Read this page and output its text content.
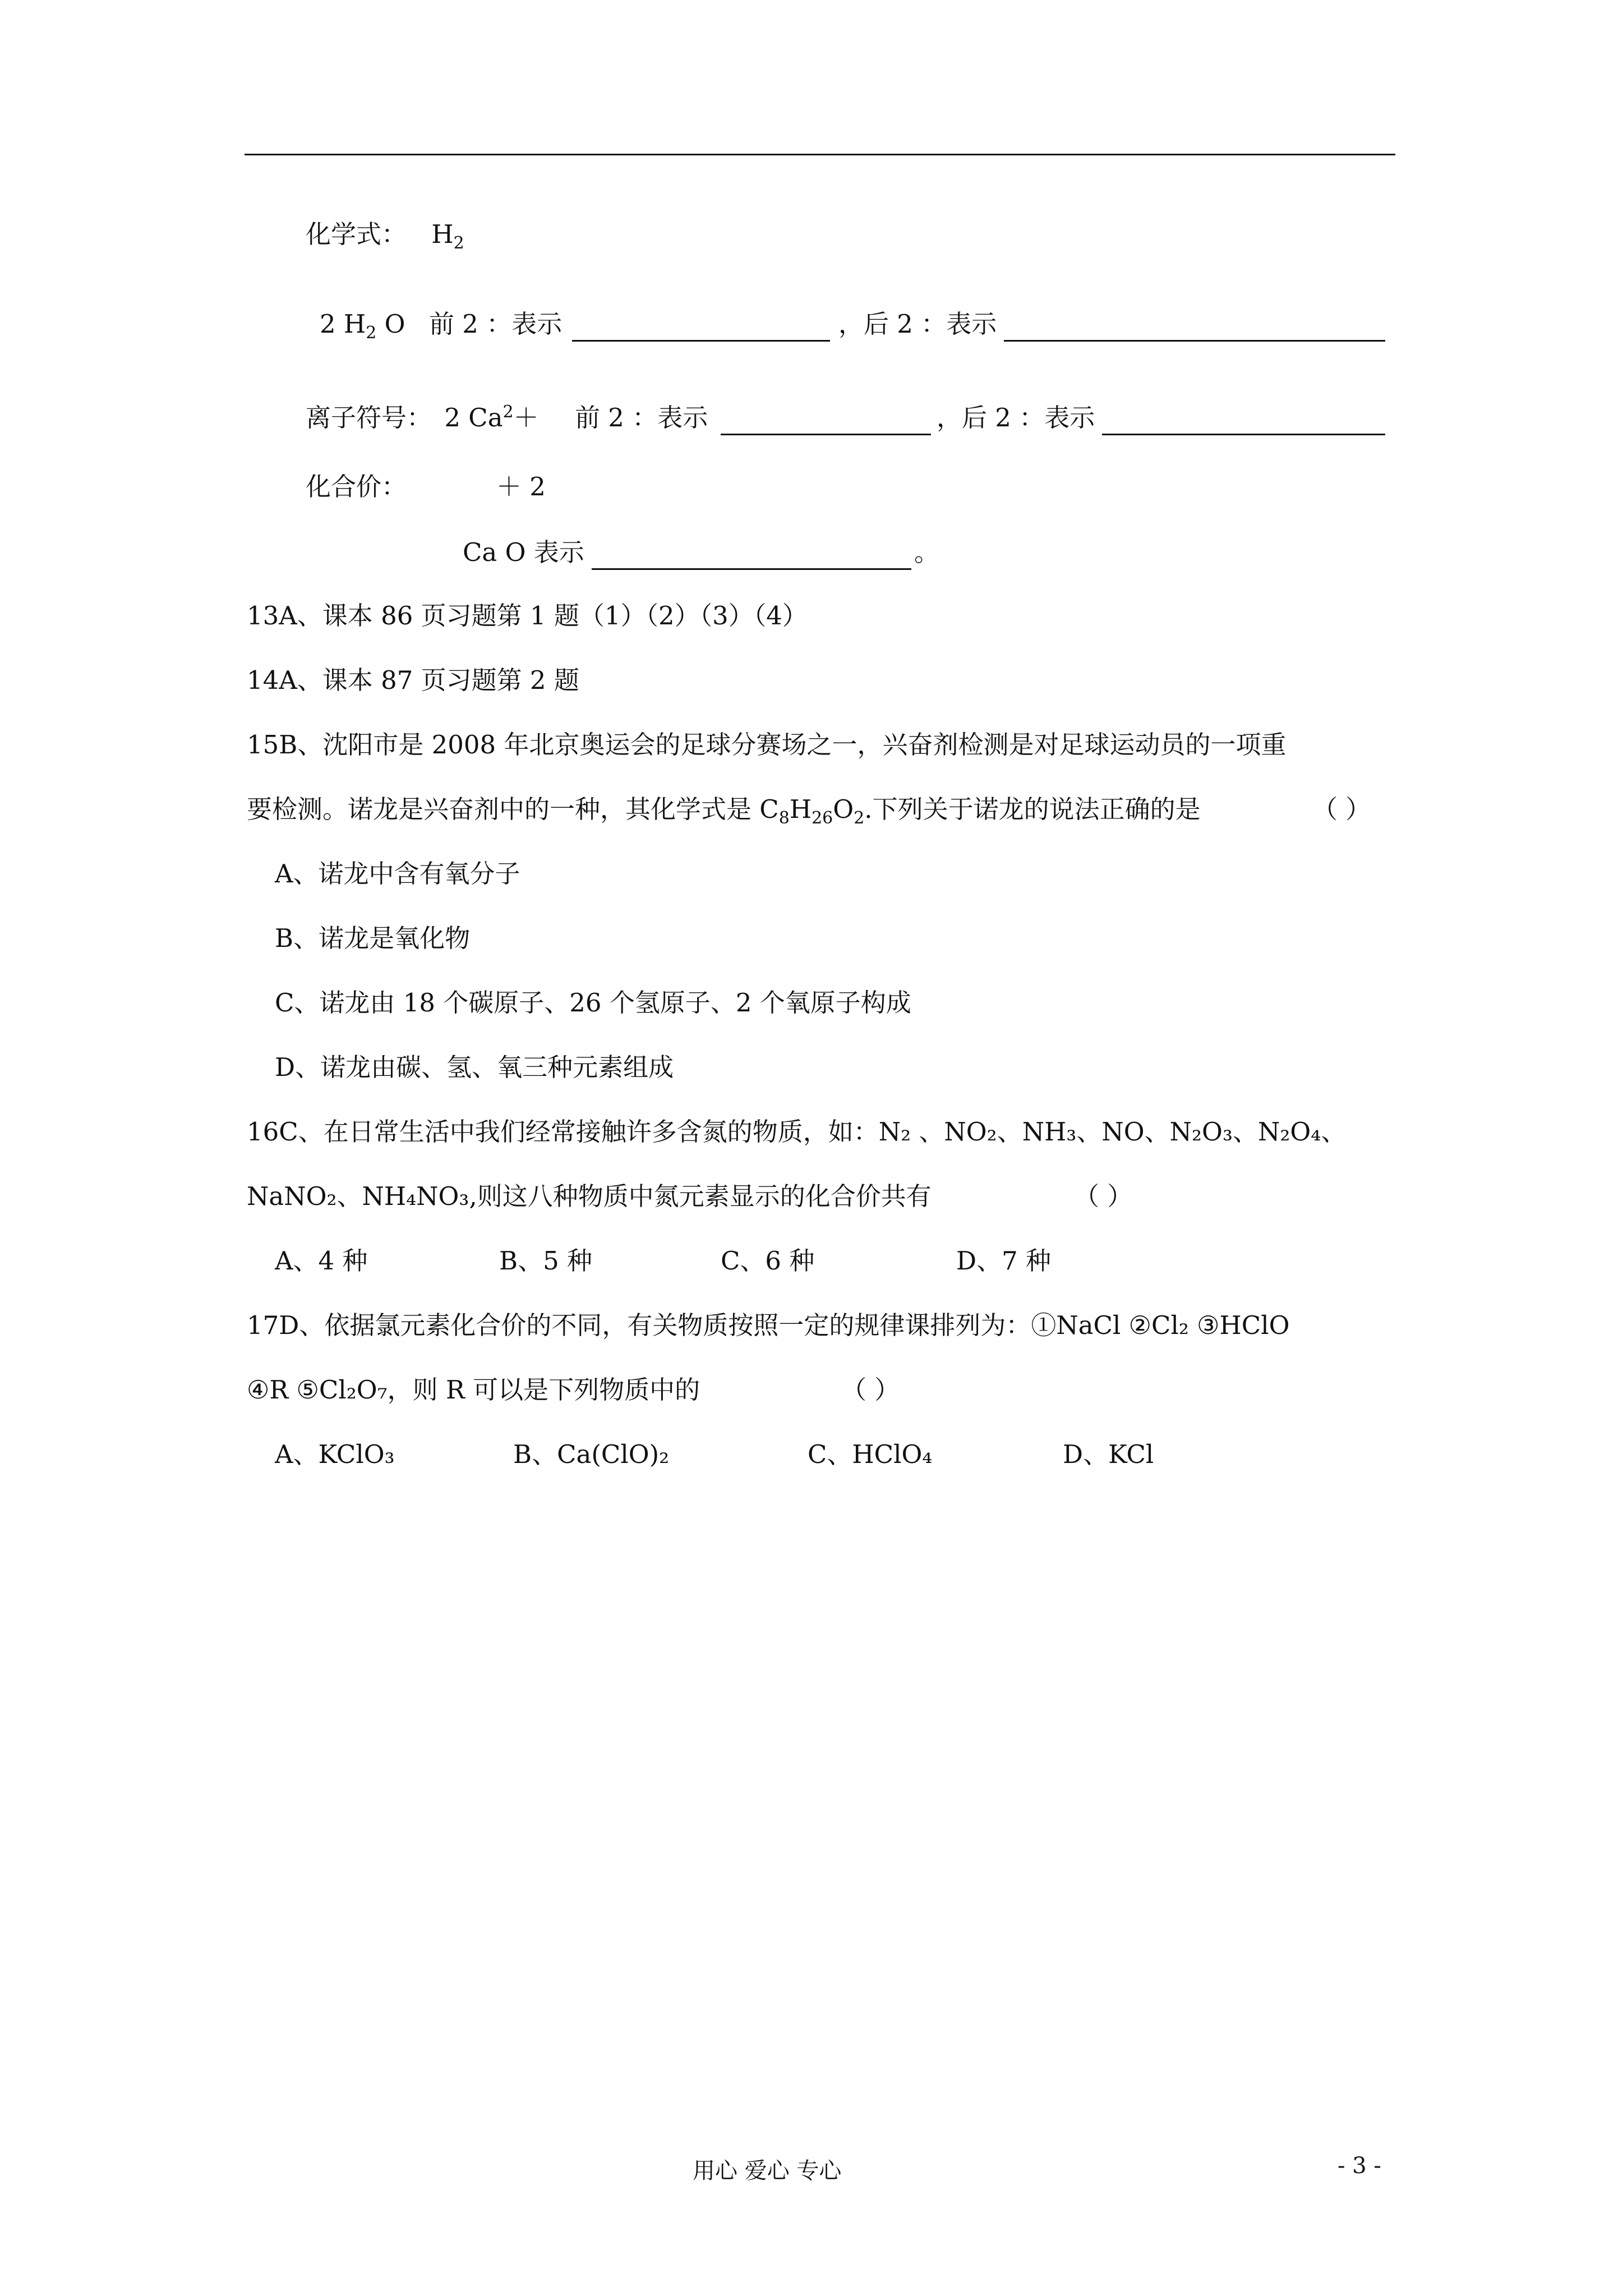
化学式： $H_2$
2 $H_2$ O 前 2 ：表示	，后 2 ：表示
离子符号： 2 $Ca^2+$ 前 2 ：表示	，后 2 ：表示
化合价：	＋ 2
Ca O 表示	。
13A、课本 86 页习题第 1 题（1）（2）（3）（4）
14A、课本 87 页习题第 2 题
15B、沈阳市是 2008 年北京奥运会的足球分赛场之一，兴奋剂检测是对足球运动员的一项重
要检测。诺龙是兴奋剂中的一种，其化学式是 $C_8H_{26}O_2$.下列关于诺龙的说法正确的是	（ ）
A、诺龙中含有氧分子
B、诺龙是氧化物
C、诺龙由 18 个碳原子、26 个氢原子、2 个氧原子构成
D、诺龙由碳、氢、氧三种元素组成
16C、在日常生活中我们经常接触许多含氮的物质，如：N₂ 、NO₂、NH₃、NO、N₂O₃、N₂O₄、
NaNO₂、NH₄NO₃,则这八种物质中氮元素显示的化合价共有	（ ）
A、4 种	B、5 种	C、6 种	D、7 种
17D、依据氯元素化合价的不同，有关物质按照一定的规律课排列为：①NaCl ②Cl₂ ③HClO
④R ⑤Cl₂O₇，则 R 可以是下列物质中的	（ ）
A、KClO₃	B、Ca(ClO)₂	C、HClO₄	D、KCl
用心 爱心 专心	- 3 -
